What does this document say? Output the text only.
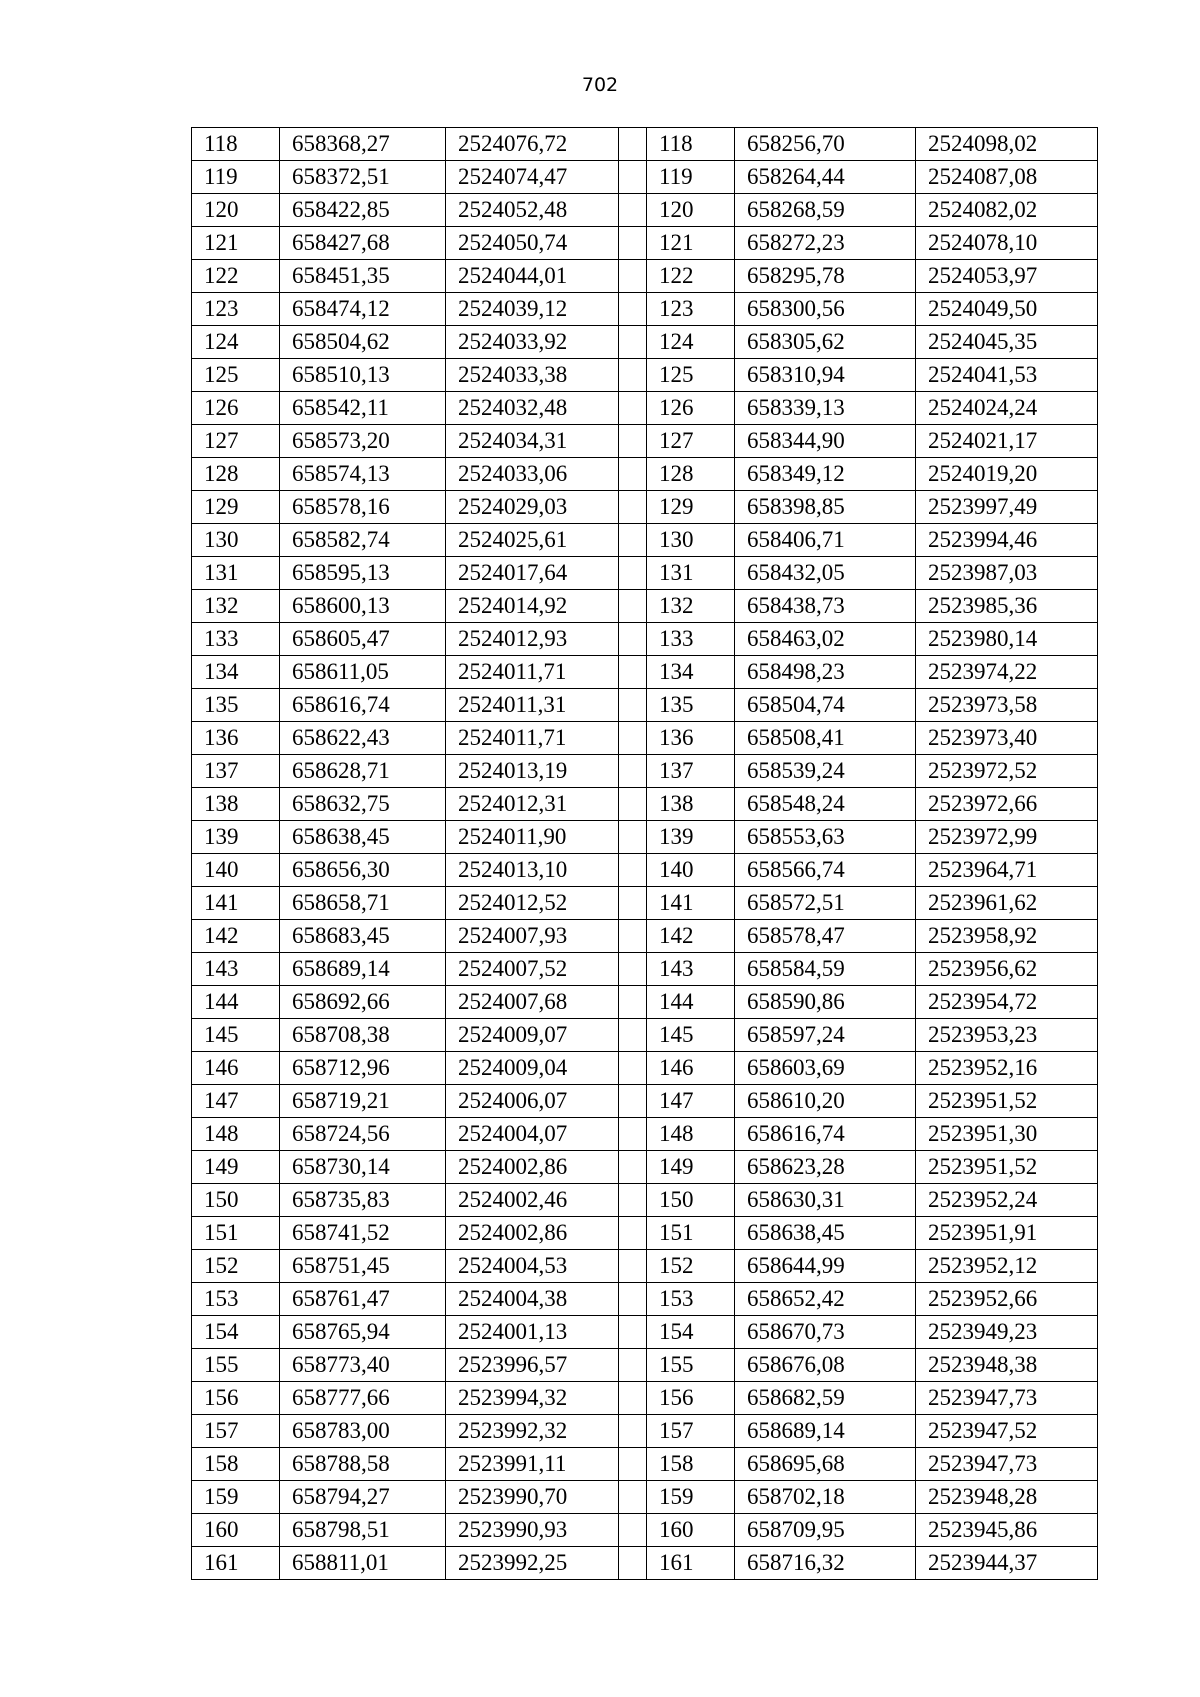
702
118	658368,27	2524076,72		118	658256,70	2524098,02
119	658372,51	2524074,47		119	658264,44	2524087,08
120	658422,85	2524052,48		120	658268,59	2524082,02
121	658427,68	2524050,74		121	658272,23	2524078,10
122	658451,35	2524044,01		122	658295,78	2524053,97
123	658474,12	2524039,12		123	658300,56	2524049,50
124	658504,62	2524033,92		124	658305,62	2524045,35
125	658510,13	2524033,38		125	658310,94	2524041,53
126	658542,11	2524032,48		126	658339,13	2524024,24
127	658573,20	2524034,31		127	658344,90	2524021,17
128	658574,13	2524033,06		128	658349,12	2524019,20
129	658578,16	2524029,03		129	658398,85	2523997,49
130	658582,74	2524025,61		130	658406,71	2523994,46
131	658595,13	2524017,64		131	658432,05	2523987,03
132	658600,13	2524014,92		132	658438,73	2523985,36
133	658605,47	2524012,93		133	658463,02	2523980,14
134	658611,05	2524011,71		134	658498,23	2523974,22
135	658616,74	2524011,31		135	658504,74	2523973,58
136	658622,43	2524011,71		136	658508,41	2523973,40
137	658628,71	2524013,19		137	658539,24	2523972,52
138	658632,75	2524012,31		138	658548,24	2523972,66
139	658638,45	2524011,90		139	658553,63	2523972,99
140	658656,30	2524013,10		140	658566,74	2523964,71
141	658658,71	2524012,52		141	658572,51	2523961,62
142	658683,45	2524007,93		142	658578,47	2523958,92
143	658689,14	2524007,52		143	658584,59	2523956,62
144	658692,66	2524007,68		144	658590,86	2523954,72
145	658708,38	2524009,07		145	658597,24	2523953,23
146	658712,96	2524009,04		146	658603,69	2523952,16
147	658719,21	2524006,07		147	658610,20	2523951,52
148	658724,56	2524004,07		148	658616,74	2523951,30
149	658730,14	2524002,86		149	658623,28	2523951,52
150	658735,83	2524002,46		150	658630,31	2523952,24
151	658741,52	2524002,86		151	658638,45	2523951,91
152	658751,45	2524004,53		152	658644,99	2523952,12
153	658761,47	2524004,38		153	658652,42	2523952,66
154	658765,94	2524001,13		154	658670,73	2523949,23
155	658773,40	2523996,57		155	658676,08	2523948,38
156	658777,66	2523994,32		156	658682,59	2523947,73
157	658783,00	2523992,32		157	658689,14	2523947,52
158	658788,58	2523991,11		158	658695,68	2523947,73
159	658794,27	2523990,70		159	658702,18	2523948,28
160	658798,51	2523990,93		160	658709,95	2523945,86
161	658811,01	2523992,25		161	658716,32	2523944,37
